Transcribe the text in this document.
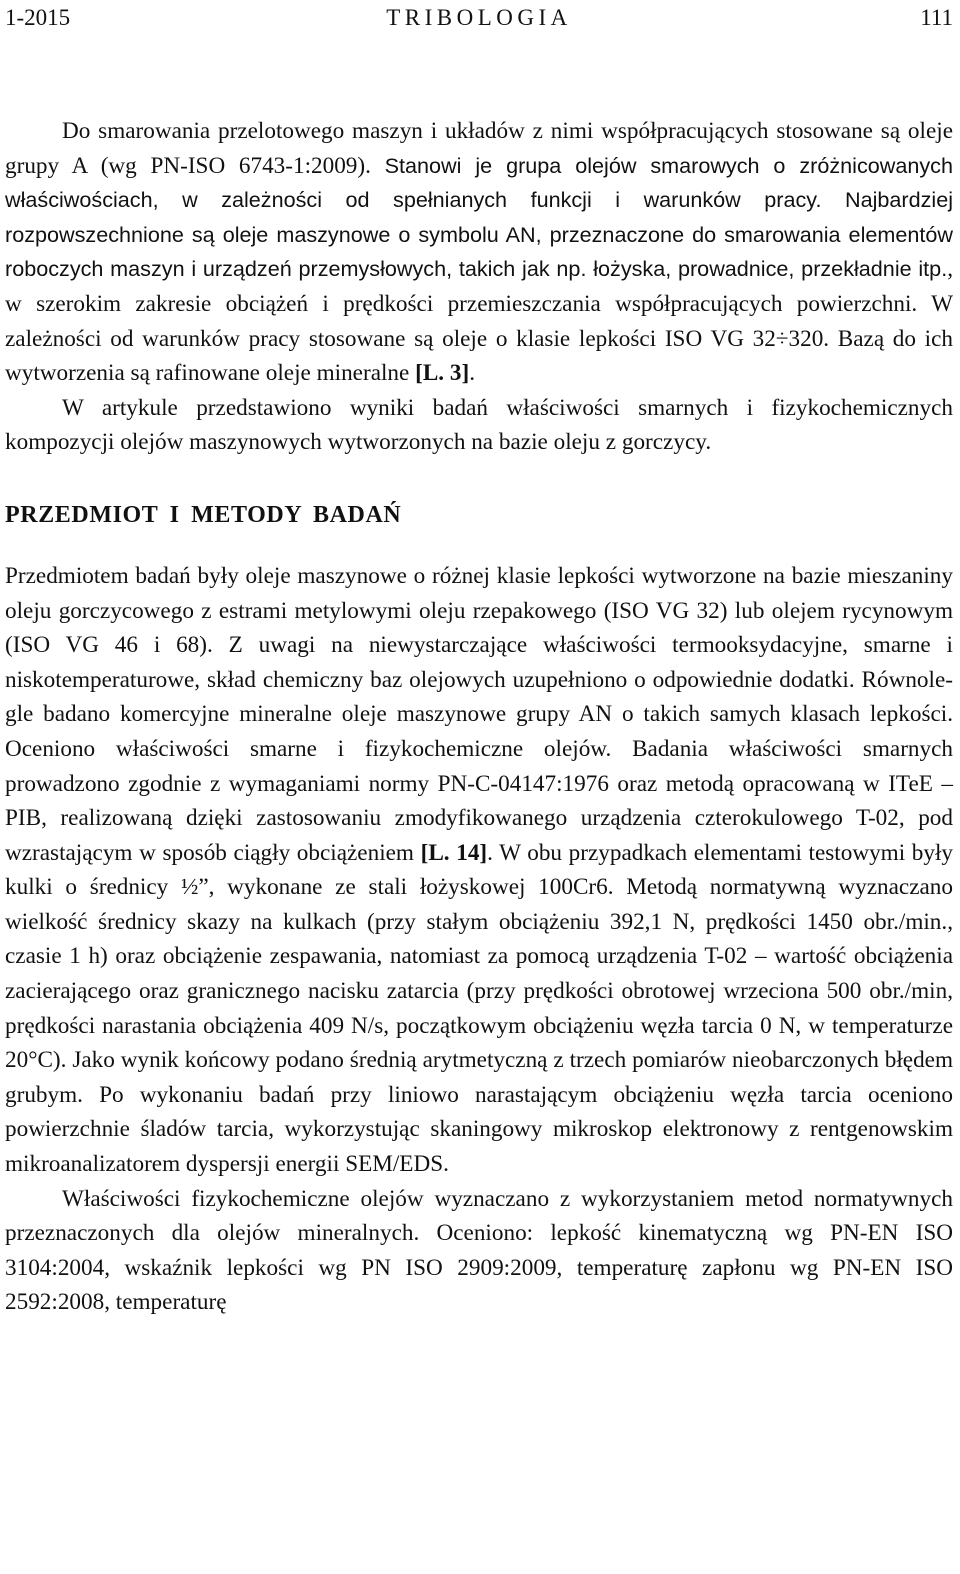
1-2015	TRIBOLOGIA	111

Do smarowania przelotowego maszyn i układów z nimi współpracujących stosowane są oleje grupy A (wg PN-ISO 6743-1:2009). Stanowi je grupa olejów smarowych o zróżnicowanych właściwościach, w zależności od spełnianych funkcji i warunków pracy. Najbardziej rozpowszechnione są oleje maszynowe o symbolu AN, przeznaczone do smarowania elementów roboczych maszyn i urządzeń przemysłowych, takich jak np. łożyska, prowadnice, przekładnie itp., w szerokim zakresie obciążeń i prędkości przemieszczania współpracujących powierzchni. W zależności od warunków pracy stosowane są oleje o klasie lepkości ISO VG 32÷320. Bazą do ich wytworzenia są rafinowane oleje mineralne [L. 3].

W artykule przedstawiono wyniki badań właściwości smarnych i fizykochemicznych kompozycji olejów maszynowych wytworzonych na bazie oleju z gorczycy.

PRZEDMIOT I METODY BADAŃ

Przedmiotem badań były oleje maszynowe o różnej klasie lepkości wytworzone na bazie mieszaniny oleju gorczycowego z estrami metylowymi oleju rzepakowego (ISO VG 32) lub olejem rycynowym (ISO VG 46 i 68). Z uwagi na niewystarczające właściwości termooksydacyjne, smarne i niskotemperaturowe, skład chemiczny baz olejowych uzupełniono o odpowiednie dodatki. Równolegle badano komercyjne mineralne oleje maszynowe grupy AN o takich samych klasach lepkości. Oceniono właściwości smarne i fizykochemiczne olejów. Badania właściwości smarnych prowadzono zgodnie z wymaganiami normy PN-C-04147:1976 oraz metodą opracowaną w ITeE – PIB, realizowaną dzięki zastosowaniu zmodyfikowanego urządzenia czterokulowego T-02, pod wzrastającym w sposób ciągły obciążeniem [L. 14]. W obu przypadkach elementami testowymi były kulki o średnicy ½”, wykonane ze stali łożyskowej 100Cr6. Metodą normatywną wyznaczano wielkość średnicy skazy na kulkach (przy stałym obciążeniu 392,1 N, prędkości 1450 obr./min., czasie 1 h) oraz obciążenie zespawania, natomiast za pomocą urządzenia T-02 – wartość obciążenia zacierającego oraz granicznego nacisku zatarcia (przy prędkości obrotowej wrzeciona 500 obr./min, prędkości narastania obciążenia 409 N/s, początkowym obciążeniu węzła tarcia 0 N, w temperaturze 20°C). Jako wynik końcowy podano średnią arytmetyczną z trzech pomiarów nieobarczonych błędem grubym. Po wykonaniu badań przy liniowo narastającym obciążeniu węzła tarcia oceniono powierzchnie śladów tarcia, wykorzystując skaningowy mikroskop elektronowy z rentgenowskim mikroanalizatorem dyspersji energii SEM/EDS.

Właściwości fizykochemiczne olejów wyznaczano z wykorzystaniem metod normatywnych przeznaczonych dla olejów mineralnych. Oceniono: lepkość kinematyczną wg PN-EN ISO 3104:2004, wskaźnik lepkości wg PN ISO 2909:2009, temperaturę zapłonu wg PN-EN ISO 2592:2008, temperaturę
